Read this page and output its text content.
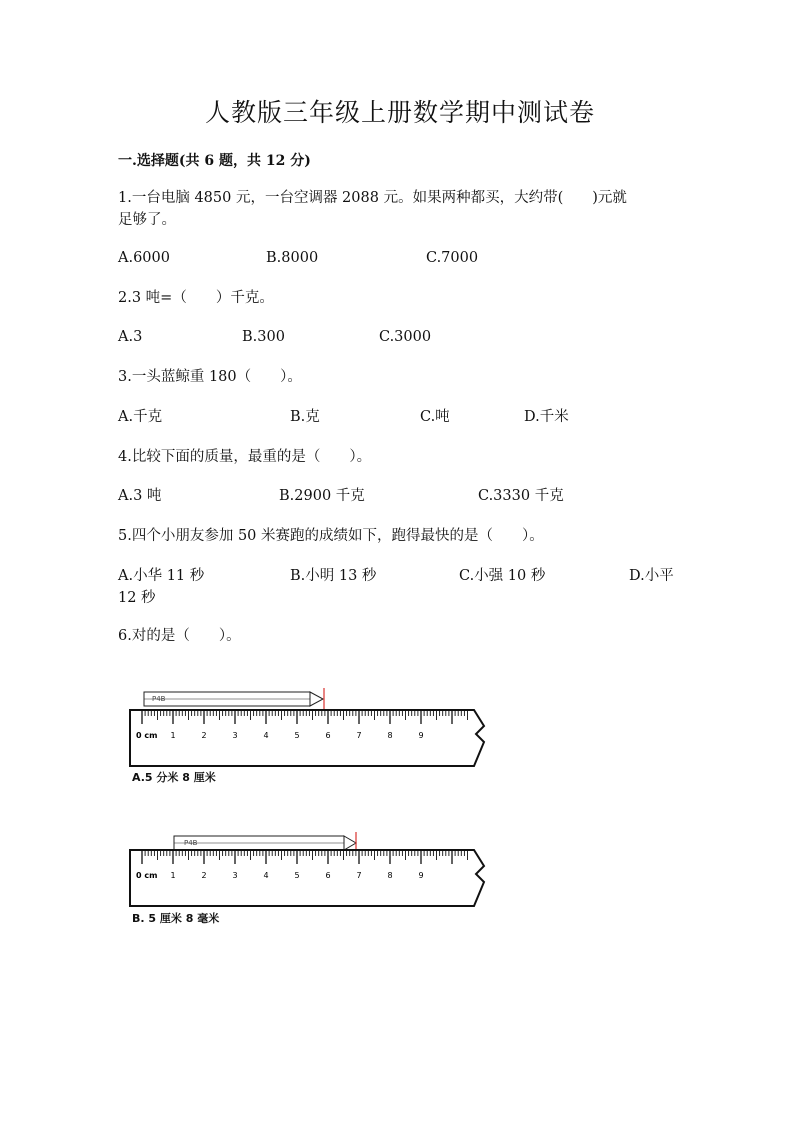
人教版三年级上册数学期中测试卷
一.选择题(共 6 题，共 12 分)
1.一台电脑 4850 元，一台空调器 2088 元。如果两种都买，大约带(　　)元就
足够了。
A.6000	B.8000	C.7000
2.3 吨=（　　）千克。
A.3	B.300	C.3000
3.一头蓝鲸重 180（　　）。
A.千克	B.克	C.吨	D.千米
4.比较下面的质量，最重的是（　　）。
A.3 吨	B.2900 千克	C.3330 千克
5.四个小朋友参加 50 米赛跑的成绩如下，跑得最快的是（　　）。
A.小华 11 秒	B.小明 13 秒	C.小强 10 秒	D.小平
12 秒
6.对的是（　　）。
P4B
0 cm 1	2	3	4	5	6	7	8	9
A.5 分米 8 厘米
P4B
0 cm 1	2	3	4	5	6	7	8	9
B. 5 厘米 8 毫米
